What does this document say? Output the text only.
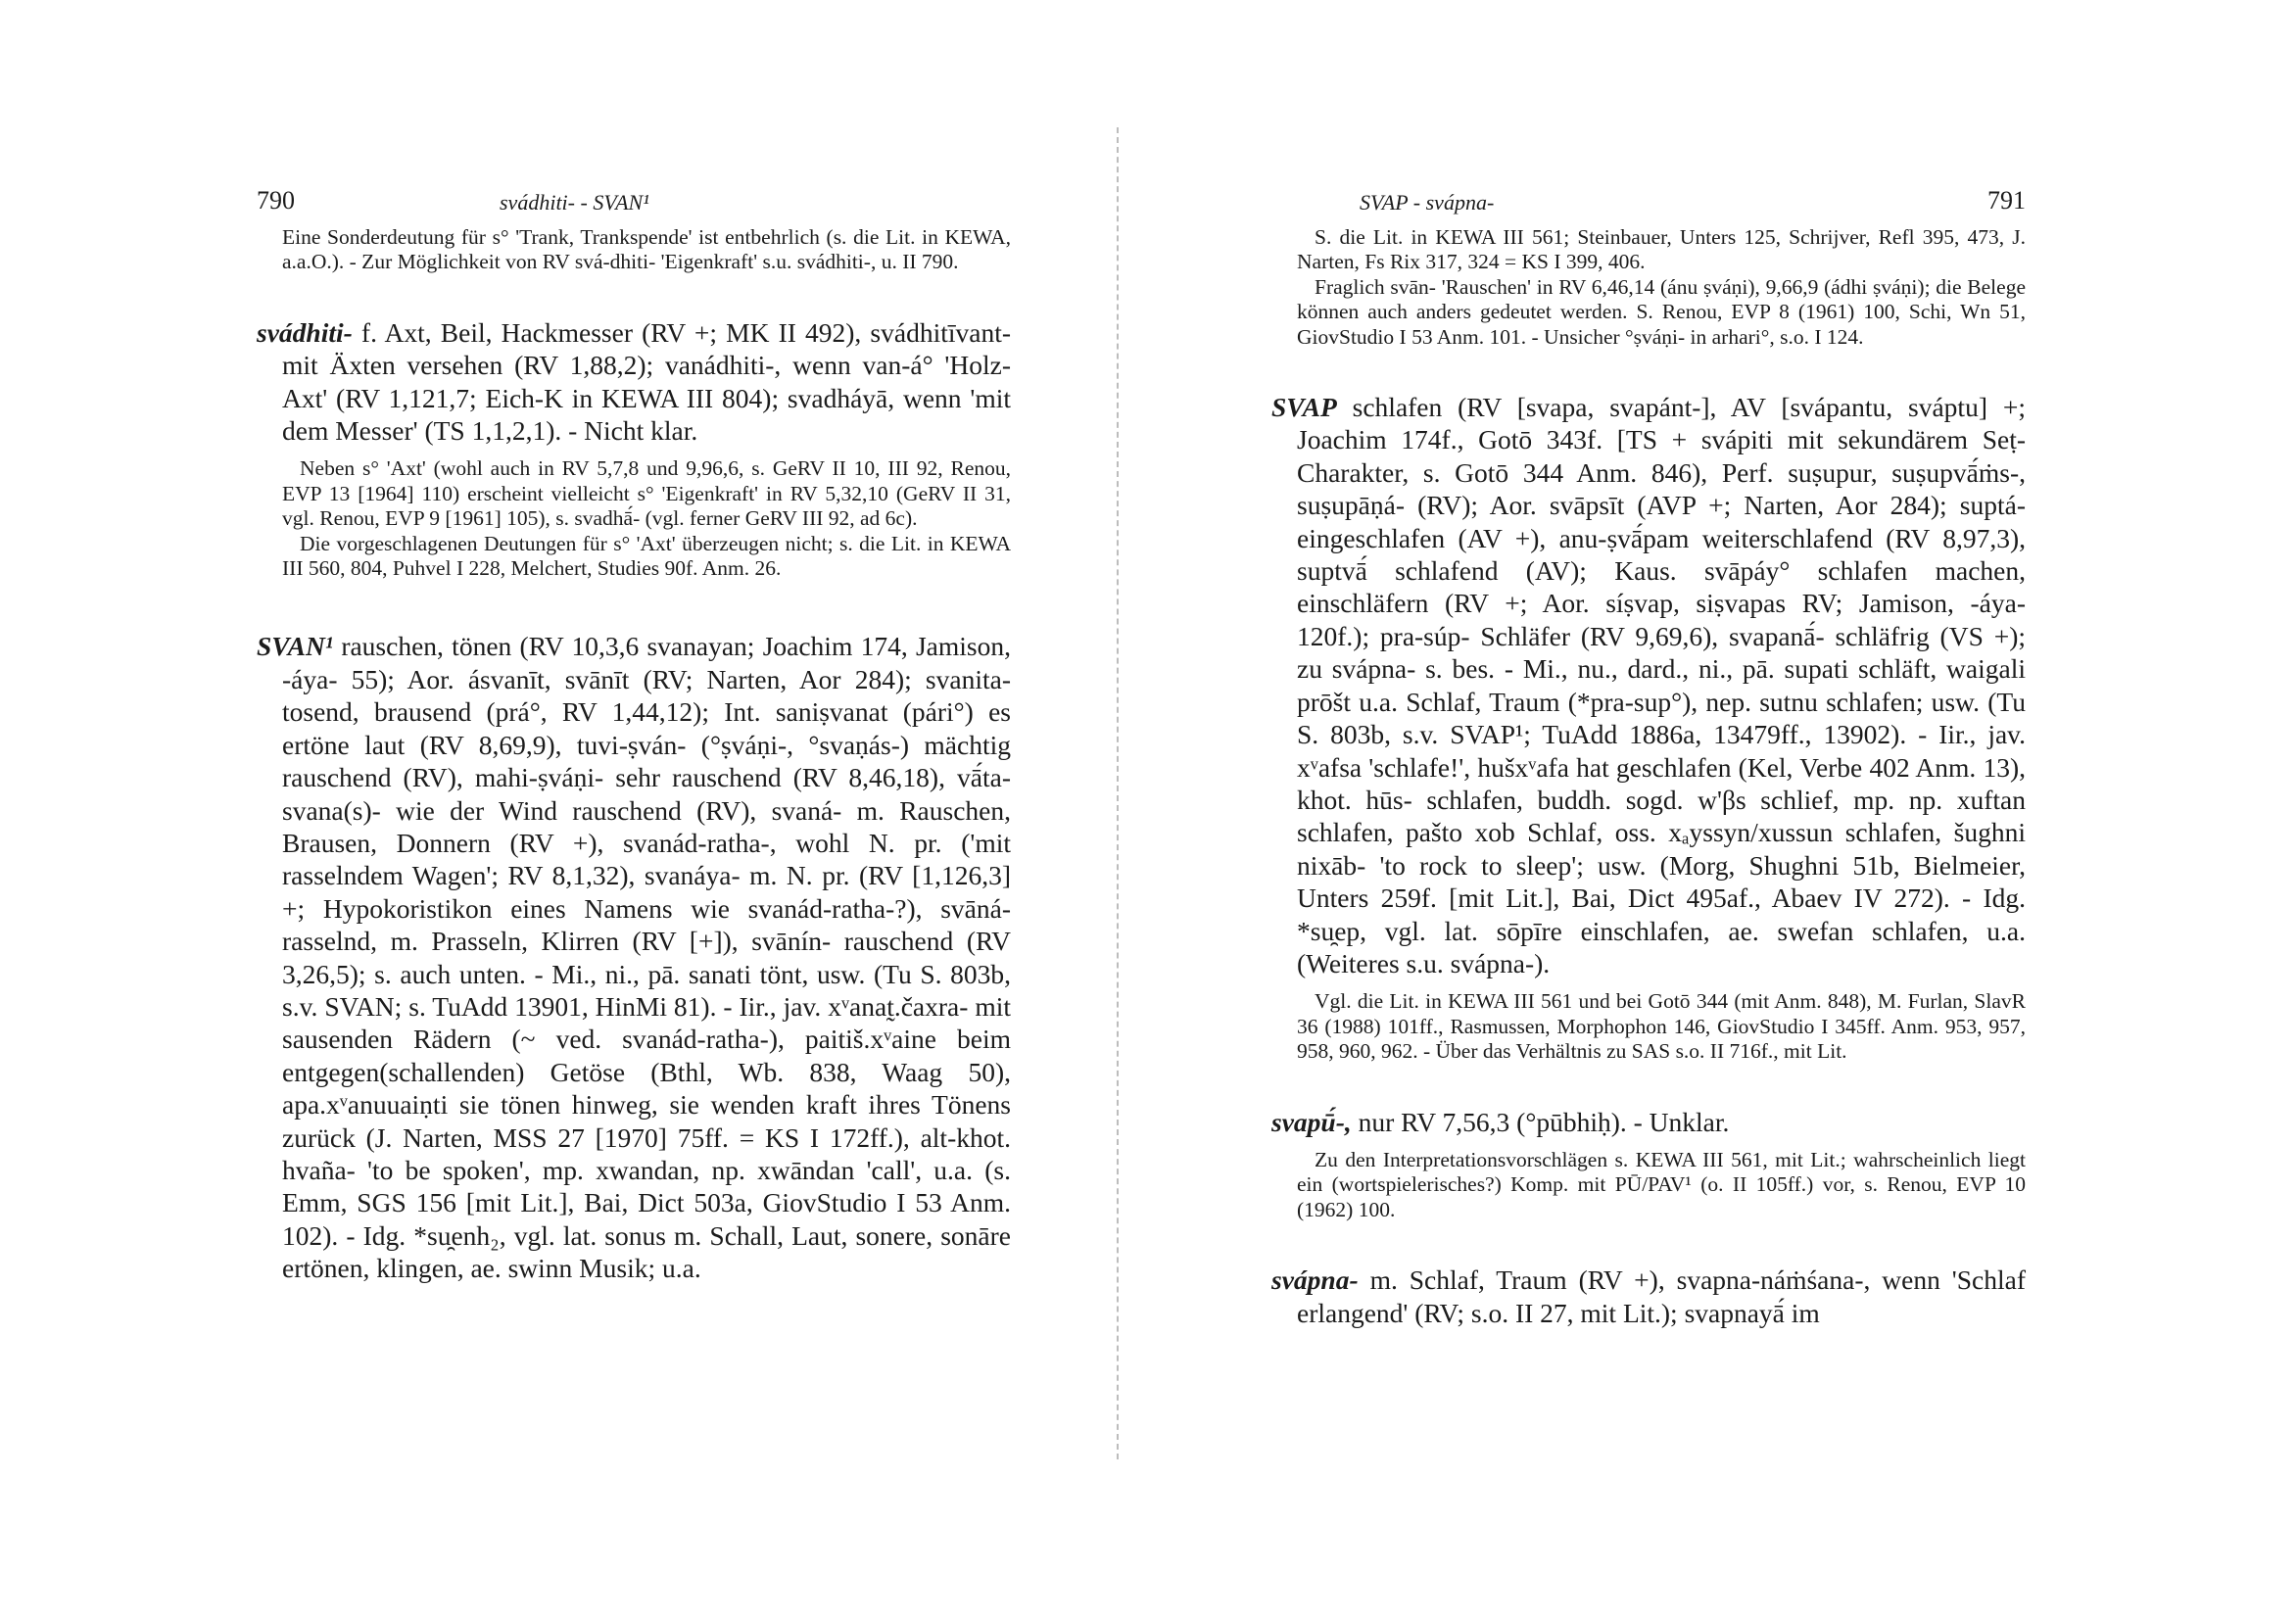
790	svádhiti- - SVAN¹

Eine Sonderdeutung für s° 'Trank, Trankspende' ist entbehrlich (s. die Lit. in KEWA, a.a.O.). - Zur Möglichkeit von RV svá-dhiti- 'Eigenkraft' s.u. svádhiti-, u. II 790.

svádhiti- f. Axt, Beil, Hackmesser (RV +; MK II 492), svádhitīvant- mit Äxten versehen (RV 1,88,2); vanádhiti-, wenn van-á° 'Holz-Axt' (RV 1,121,7; Eich-K in KEWA III 804); svadháyā, wenn 'mit dem Messer' (TS 1,1,2,1). - Nicht klar.

Neben s° 'Axt' (wohl auch in RV 5,7,8 und 9,96,6, s. GeRV II 10, III 92, Renou, EVP 13 [1964] 110) erscheint vielleicht s° 'Eigenkraft' in RV 5,32,10 (GeRV II 31, vgl. Renou, EVP 9 [1961] 105), s. svadhā́- (vgl. ferner GeRV III 92, ad 6c).

Die vorgeschlagenen Deutungen für s° 'Axt' überzeugen nicht; s. die Lit. in KEWA III 560, 804, Puhvel I 228, Melchert, Studies 90f. Anm. 26.

SVAN¹ rauschen, tönen (RV 10,3,6 svanayan; Joachim 174, Jamison, -áya- 55); Aor. ásvanīt, svānīt (RV; Narten, Aor 284); svanita- tosend, brausend (prá°, RV 1,44,12); Int. saniṣvanat (pári°) es ertöne laut (RV 8,69,9), tuvi-ṣván- (°ṣváṇi-, °svaṇás-) mächtig rauschend (RV), mahi-ṣváṇi- sehr rauschend (RV 8,46,18), vā́ta-svana(s)- wie der Wind rauschend (RV), svaná- m. Rauschen, Brausen, Donnern (RV +), svanád-ratha-, wohl N. pr. ('mit rasselndem Wagen'; RV 8,1,32), svanáya- m. N. pr. (RV [1,126,3] +; Hypokoristikon eines Namens wie svanád-ratha-?), svāná- rasselnd, m. Prasseln, Klirren (RV [+]), svānín- rauschend (RV 3,26,5); s. auch unten. - Mi., ni., pā. sanati tönt, usw. (Tu S. 803b, s.v. SVAN; s. TuAdd 13901, HinMi 81). - Iir., jav. xᵛanat̰.čaxra- mit sausenden Rädern (~ ved. svanád-ratha-), paitiš.xᵛaine beim entgegen(schallenden) Getöse (Bthl, Wb. 838, Waag 50), apa.xᵛanuuaiṇti sie tönen hinweg, sie wenden kraft ihres Tönens zurück (J. Narten, MSS 27 [1970] 75ff. = KS I 172ff.), alt-khot. hvaña- 'to be spoken', mp. xwandan, np. xwāndan 'call', u.a. (s. Emm, SGS 156 [mit Lit.], Bai, Dict 503a, GiovStudio I 53 Anm. 102). - Idg. *su̯enh₂, vgl. lat. sonus m. Schall, Laut, sonere, sonāre ertönen, klingen, ae. swinn Musik; u.a.

SVAP - svápna-	791

S. die Lit. in KEWA III 561; Steinbauer, Unters 125, Schrijver, Refl 395, 473, J. Narten, Fs Rix 317, 324 = KS I 399, 406.

Fraglich svān- 'Rauschen' in RV 6,46,14 (ánu ṣváṇi), 9,66,9 (ádhi ṣváṇi); die Belege können auch anders gedeutet werden. S. Renou, EVP 8 (1961) 100, Schi, Wn 51, GiovStudio I 53 Anm. 101. - Unsicher °ṣváṇi- in arhari°, s.o. I 124.

SVAP schlafen (RV [svapa, svapánt-], AV [svápantu, sváptu] +; Joachim 174f., Gotō 343f. [TS + svápiti mit sekundärem Seṭ-Charakter, s. Gotō 344 Anm. 846), Perf. suṣupur, suṣupvā́ṁs-, suṣupāṇá- (RV); Aor. svāpsīt (AVP +; Narten, Aor 284); suptá- eingeschlafen (AV +), anu-ṣvā́pam weiterschlafend (RV 8,97,3), suptvā́ schlafend (AV); Kaus. svāpáy° schlafen machen, einschläfern (RV +; Aor. síṣvap, siṣvapas RV; Jamison, -áya- 120f.); pra-súp- Schläfer (RV 9,69,6), svapanā́- schläfrig (VS +); zu svápna- s. bes. - Mi., nu., dard., ni., pā. supati schläft, waigali prōšt u.a. Schlaf, Traum (*pra-sup°), nep. sutnu schlafen; usw. (Tu S. 803b, s.v. SVAP¹; TuAdd 1886a, 13479ff., 13902). - Iir., jav. xᵛafsa 'schlafe!', hušxᵛafa hat geschlafen (Kel, Verbe 402 Anm. 13), khot. hūs- schlafen, buddh. sogd. w'βs schlief, mp. np. xuftan schlafen, pašto xob Schlaf, oss. xₐyssyn/xussun schlafen, šughni nixāb- 'to rock to sleep'; usw. (Morg, Shughni 51b, Bielmeier, Unters 259f. [mit Lit.], Bai, Dict 495af., Abaev IV 272). - Idg. *su̯ep, vgl. lat. sōpīre einschlafen, ae. swefan schlafen, u.a. (Weiteres s.u. svápna-).

Vgl. die Lit. in KEWA III 561 und bei Gotō 344 (mit Anm. 848), M. Furlan, SlavR 36 (1988) 101ff., Rasmussen, Morphophon 146, GiovStudio I 345ff. Anm. 953, 957, 958, 960, 962. - Über das Verhältnis zu SAS s.o. II 716f., mit Lit.

svapū́-, nur RV 7,56,3 (°pūbhiḥ). - Unklar.

Zu den Interpretationsvorschlägen s. KEWA III 561, mit Lit.; wahrscheinlich liegt ein (wortspielerisches?) Komp. mit PŪ/PAV¹ (o. II 105ff.) vor, s. Renou, EVP 10 (1962) 100.

svápna- m. Schlaf, Traum (RV +), svapna-náṁśana-, wenn 'Schlaf erlangend' (RV; s.o. II 27, mit Lit.); svapnayā́ im
